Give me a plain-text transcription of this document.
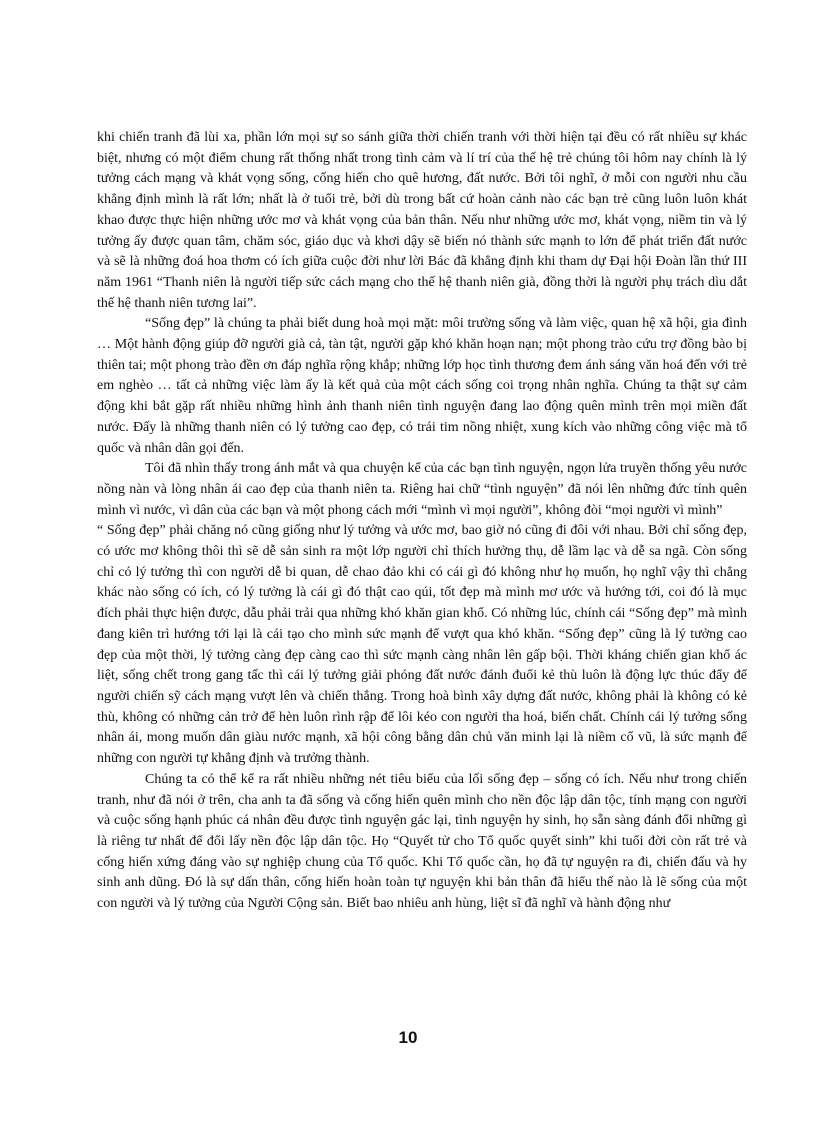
khi chiến tranh đã lùi xa, phần lớn mọi sự so sánh giữa thời chiến tranh với thời hiện tại đều có rất nhiều sự khác biệt, nhưng có một điểm chung rất thống nhất trong tình cảm và lí trí của thế hệ trẻ chúng tôi hôm nay chính là lý tưởng cách mạng và khát vọng sống, cống hiến cho quê hương, đất nước. Bởi tôi nghĩ, ở mỗi con người nhu cầu khẳng định mình là rất lớn; nhất là ở tuổi trẻ, bởi dù trong bất cứ hoàn cảnh nào các bạn trẻ cũng luôn luôn khát khao được thực hiện những ước mơ và khát vọng của bản thân. Nếu như những ước mơ, khát vọng, niềm tin và lý tưởng ấy được quan tâm, chăm sóc, giáo dục và khơi dậy sẽ biến nó thành sức mạnh to lớn để phát triển đất nước và sẽ là những đoá hoa thơm có ích giữa cuộc đời như lời Bác đã khẳng định khi tham dự Đại hội Đoàn lần thứ III năm 1961 “Thanh niên là người tiếp sức cách mạng cho thế hệ thanh niên già, đồng thời là người phụ trách dìu dắt thế hệ thanh niên tương lai”.

“Sống đẹp” là chúng ta phải biết dung hoà mọi mặt: môi trường sống và làm việc, quan hệ xã hội, gia đình … Một hành động giúp đỡ người già cả, tàn tật, người gặp khó khăn hoạn nạn; một phong trào cứu trợ đồng bào bị thiên tai; một phong trào đền ơn đáp nghĩa rộng khắp; những lớp học tình thương đem ánh sáng văn hoá đến với trẻ em nghèo … tất cả những việc làm ấy là kết quả của một cách sống coi trọng nhân nghĩa. Chúng ta thật sự cảm động khi bắt gặp rất nhiều những hình ảnh thanh niên tình nguyện đang lao động quên mình trên mọi miền đất nước. Đấy là những thanh niên có lý tưởng cao đẹp, có trái tim nồng nhiệt, xung kích vào những công việc mà tổ quốc và nhân dân gọi đến.

Tôi đã nhìn thấy trong ánh mắt và qua chuyện kể của các bạn tình nguyện, ngọn lửa truyền thống yêu nước nồng nàn và lòng nhân ái cao đẹp của thanh niên ta. Riêng hai chữ “tình nguyện” đã nói lên những đức tính quên mình vì nước, vì dân của các bạn và một phong cách mới “mình vì mọi người”, không đòi “mọi người vì mình”

“ Sống đẹp” phải chăng nó cũng giống như lý tưởng và ước mơ, bao giờ nó cũng đi đôi với nhau. Bởi chỉ sống đẹp, có ước mơ không thôi thì sẽ dễ sản sinh ra một lớp người chỉ thích hưởng thụ, dễ lầm lạc và dễ sa ngã. Còn sống chỉ có lý tưởng thì con người dễ bi quan, dễ chao đảo khi có cái gì đó không như họ muốn, họ nghĩ vậy thì chẳng khác nào sống có ích, có lý tưởng là cái gì đó thật cao qúi, tốt đẹp mà mình mơ ước và hướng tới, coi đó là mục đích phải thực hiện được, dẫu phải trải qua những khó khăn gian khổ. Có những lúc, chính cái “Sống đẹp” mà mình đang kiên trì hướng tới lại là cái tạo cho mình sức mạnh để vượt qua khó khăn. “Sống đẹp” cũng là lý tưởng cao đẹp của một thời, lý tưởng càng đẹp càng cao thì sức mạnh càng nhân lên gấp bội. Thời kháng chiến gian khổ ác liệt, sống chết trong gang tấc thì cái lý tưởng giải phóng đất nước đánh đuổi kẻ thù luôn là động lực thúc đẩy để người chiến sỹ cách mạng vượt lên và chiến thắng. Trong hoà bình xây dựng đất nước, không phải là không có kẻ thù, không có những cản trở để hèn luôn rình rập để lôi kéo con người tha hoá, biến chất. Chính cái lý tưởng sống nhân ái, mong muốn dân giàu nước mạnh, xã hội công bằng dân chủ văn minh lại là niềm cổ vũ, là sức mạnh để những con người tự khẳng định và trưởng thành.

Chúng ta có thể kể ra rất nhiều những nét tiêu biểu của lối sống đẹp – sống có ích. Nếu như trong chiến tranh, như đã nói ở trên, cha anh ta đã sống và cống hiến quên mình cho nền độc lập dân tộc, tính mạng con người và cuộc sống hạnh phúc cá nhân đều được tình nguyện gác lại, tình nguyện hy sinh, họ sẵn sàng đánh đổi những gì là riêng tư nhất để đổi lấy nền độc lập dân tộc. Họ “Quyết tử cho Tổ quốc quyết sinh” khi tuổi đời còn rất trẻ và cống hiến xứng đáng vào sự nghiệp chung của Tổ quốc. Khi Tổ quốc cần, họ đã tự nguyện ra đi, chiến đấu và hy sinh anh dũng. Đó là sự dấn thân, cống hiến hoàn toàn tự nguyện khi bản thân đã hiểu thế nào là lẽ sống của một con người và lý tưởng của Người Cộng sản. Biết bao nhiêu anh hùng, liệt sĩ đã nghĩ và hành động như

10
